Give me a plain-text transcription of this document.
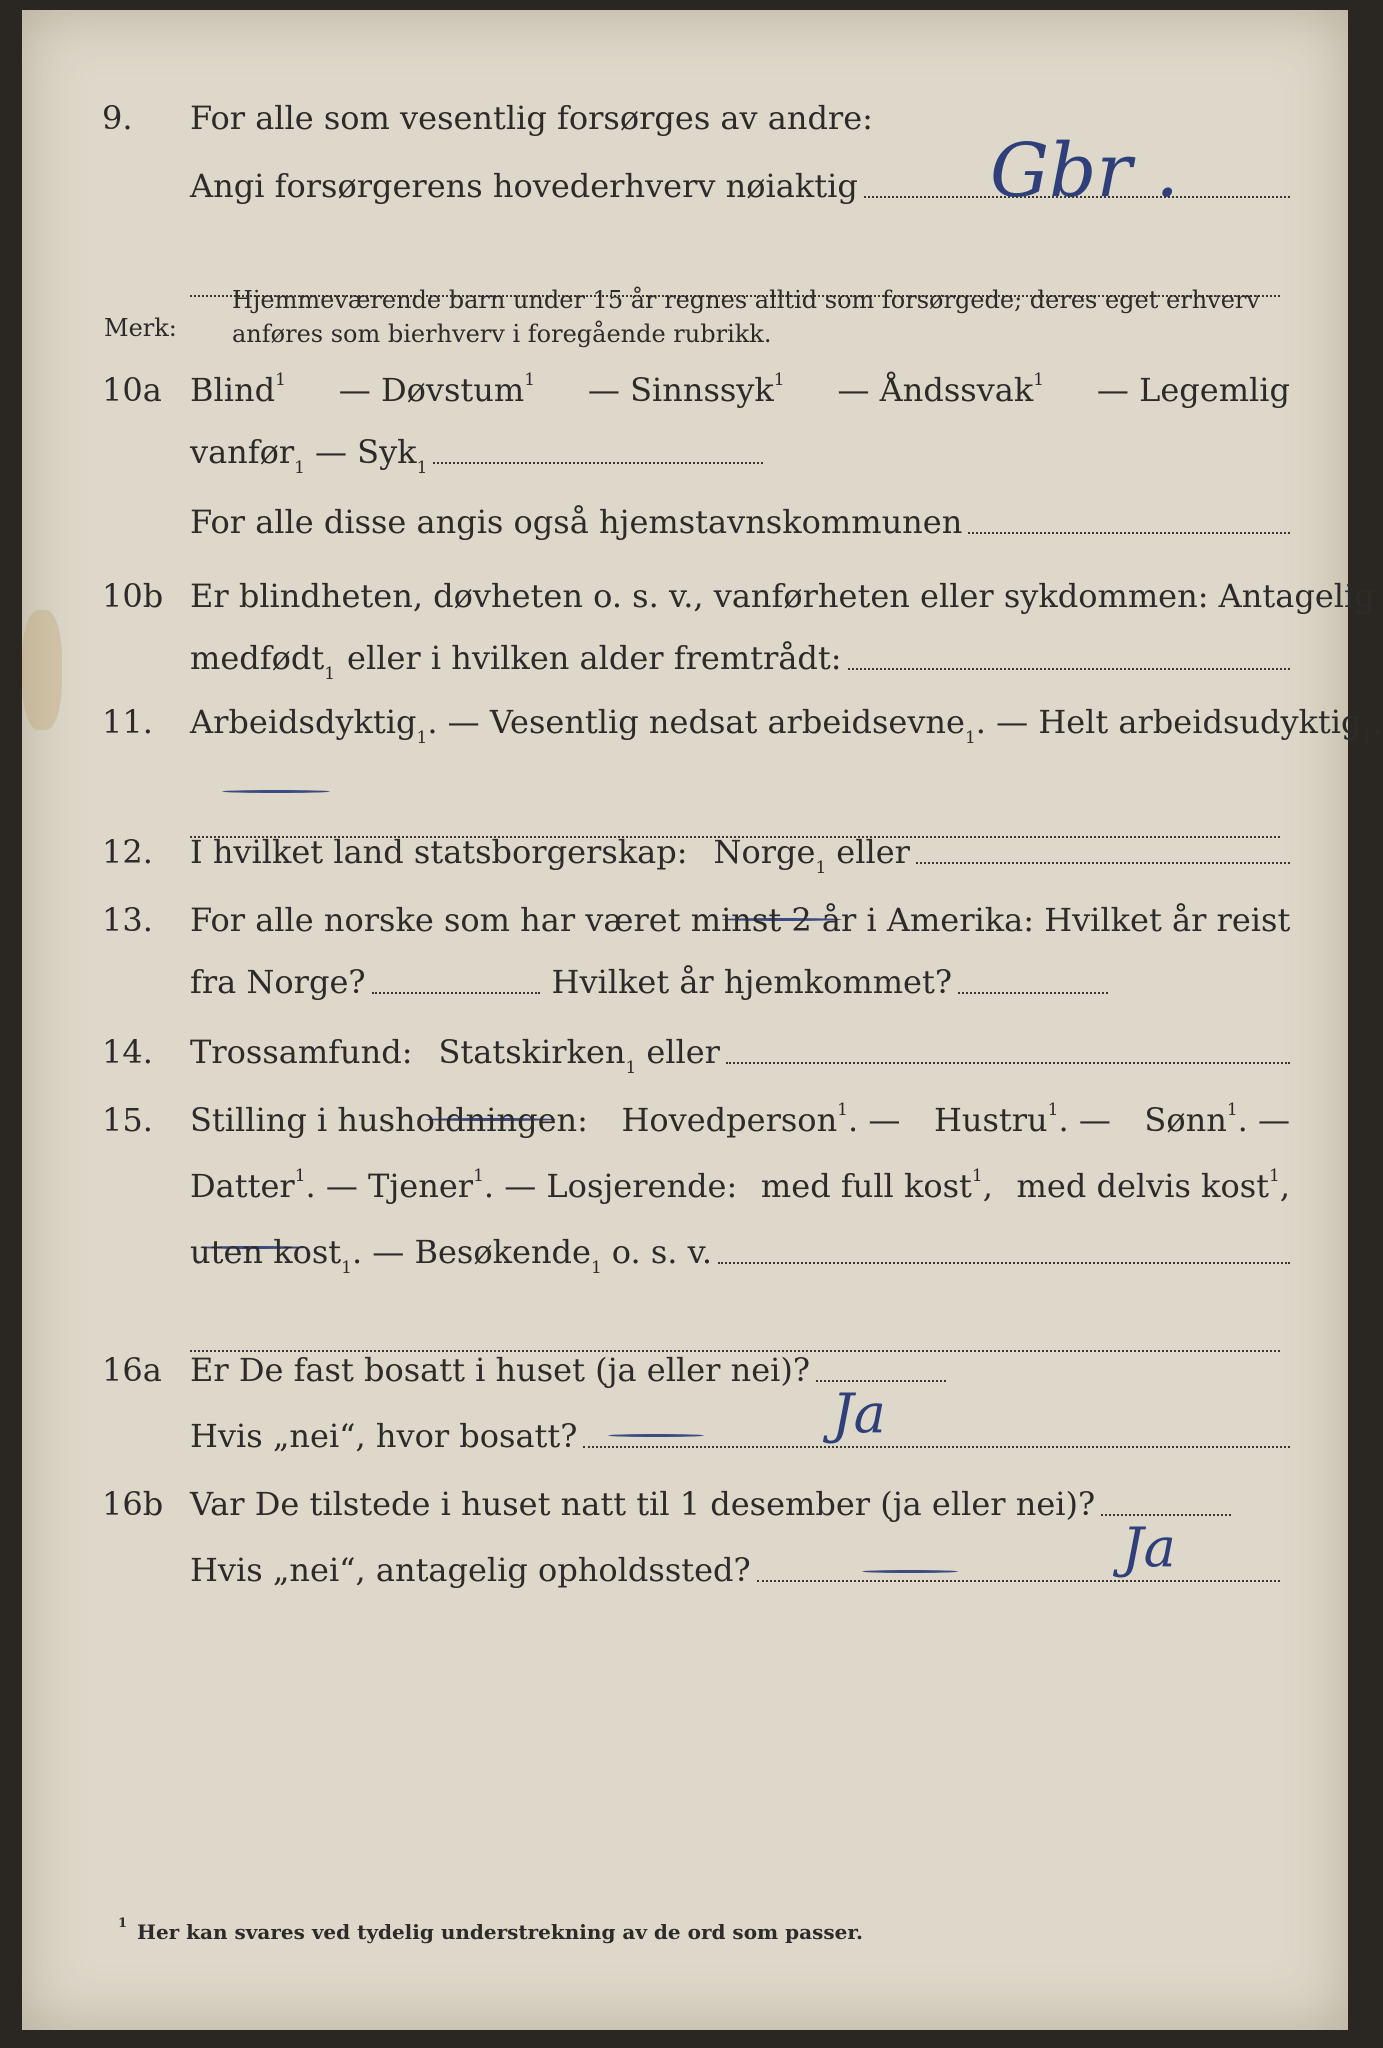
9. For alle som vesentlig forsørges av andre:
Gbr .
Angi forsørgerens hovederhverv nøiaktig
Merk:
Hjemmeværende barn under 15 år regnes alltid som forsørgede; deres eget erhverv
anføres som bierhverv i foregående rubrikk.
10a Blind$^1$ — Døvstum$^1$ — Sinnssyk$^1$ — Åndssvak$^1$ — Legemlig
vanfør$^1$ — Syk$^1$
For alle disse angis også hjemstavnskommunen
10b Er blindheten, døvheten o. s. v., vanførheten eller sykdommen: Antagelig
medfødt$^1$ eller i hvilken alder fremtrådt:
11. Arbeidsdyktig$^1$ . — Vesentlig nedsat arbeidsevne$^1$ . — Helt arbeidsudyktig$^1$ .
12. I hvilket land statsborgerskap: Norge$^1$ eller
13. For alle norske som har været minst 2 år i Amerika: Hvilket år reist
fra Norge?	Hvilket år hjemkommet?
14. Trossamfund: Statskirken$^1$ eller
15. Stilling i husholdningen: Hovedperson$^1$. — Hustru$^1$. — Sønn$^1$. —
Datter$^1$. — Tjener$^1$. — Losjerende: med full kost$^1$, med delvis kost$^1$,
uten kost$^1$ . — Besøkende$^1$ o. s. v.
16a Er De fast bosatt i huset (ja eller nei)?
Ja
Hvis „nei“, hvor bosatt?
16b Var De tilstede i huset natt til 1 desember (ja eller nei)?
Ja
Hvis „nei“, antagelig opholdssted?
$^1$ Her kan svares ved tydelig understrekning av de ord som passer.
